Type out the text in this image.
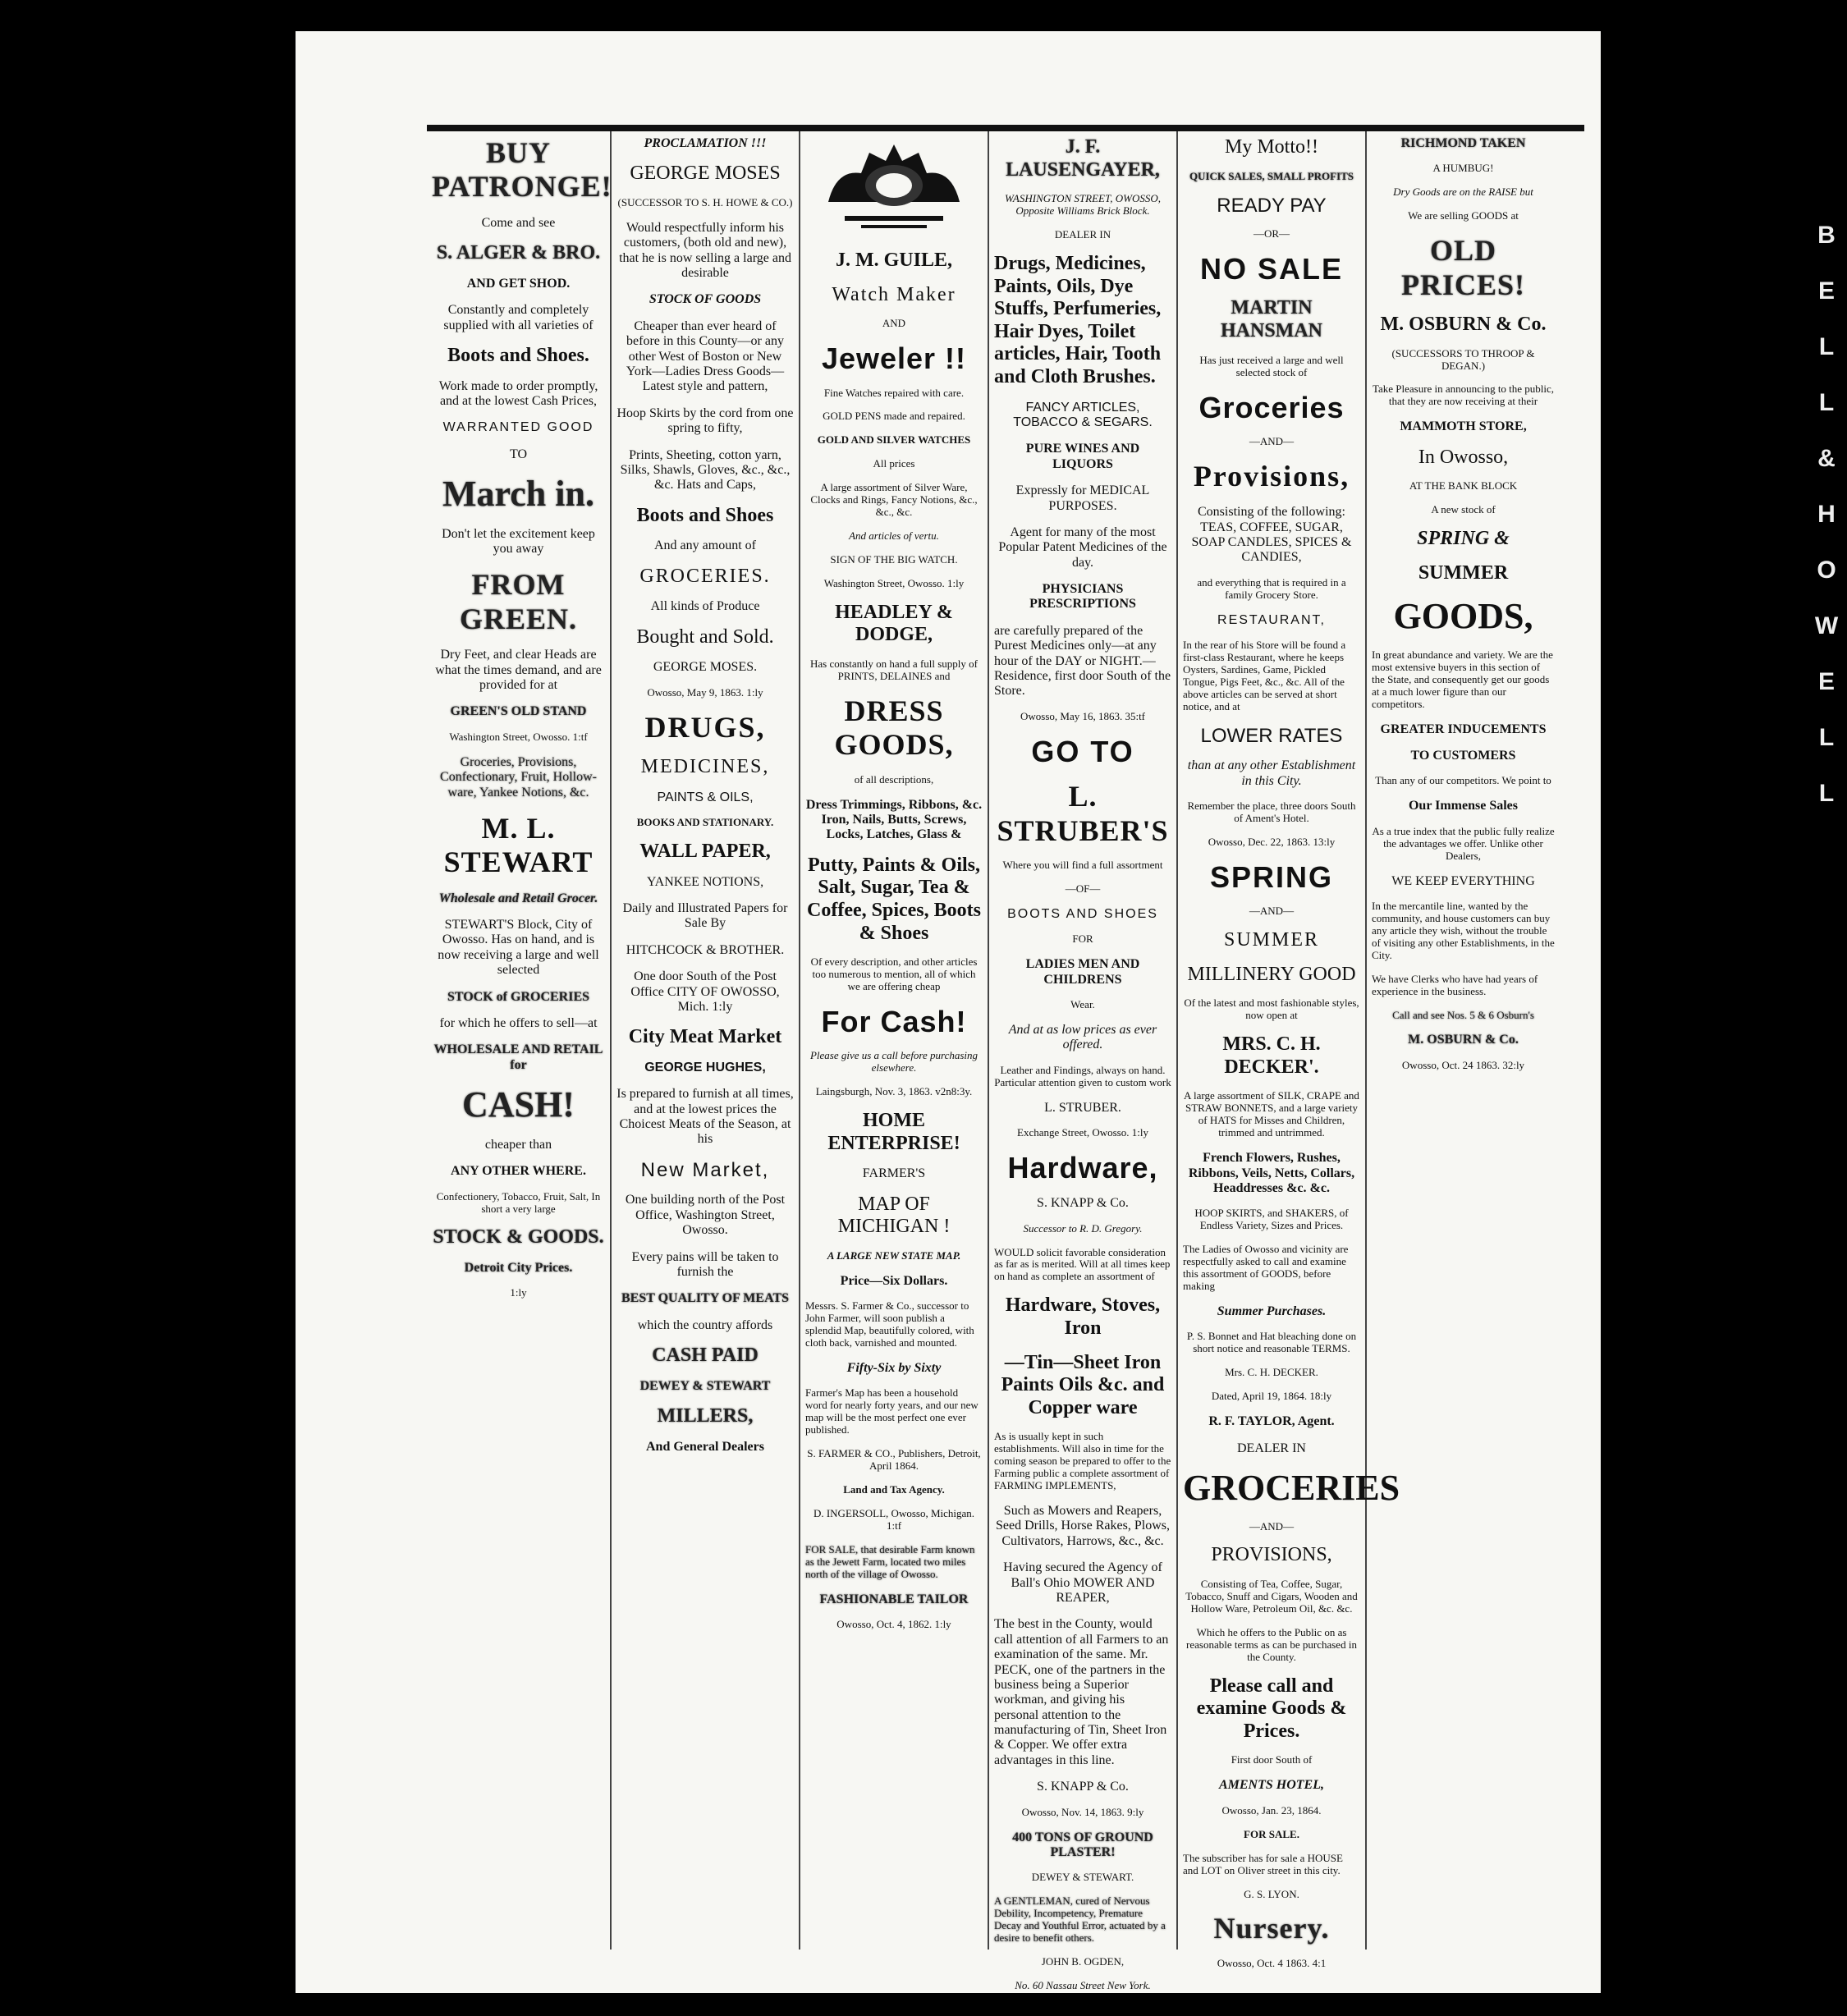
B
E
L
L
&
H
O
W
E
L
L
BUY PATRONGE!
Come and see
S. ALGER & BRO.
AND GET SHOD.
Constantly and completely supplied with all varieties of
Boots and Shoes.
Work made to order promptly, and at the lowest Cash Prices,
WARRANTED GOOD
TO
March in.
Don't let the excitement keep you away
FROM GREEN.
Dry Feet, and clear Heads are what the times demand, and are provided for at
GREEN'S OLD STAND
Washington Street, Owosso. 1:tf
Groceries, Provisions, Confectionary, Fruit, Hollow-ware, Yankee Notions, &c.
M. L. STEWART
Wholesale and Retail Grocer.
STEWART'S Block, City of Owosso. Has on hand, and is now receiving a large and well selected
STOCK of GROCERIES
for which he offers to sell—at
WHOLESALE AND RETAIL for
CASH!
cheaper than
ANY OTHER WHERE.
Confectionery, Tobacco, Fruit, Salt, In short a very large
STOCK & GOODS.
Detroit City Prices.
1:ly
PROCLAMATION !!!
GEORGE MOSES
(SUCCESSOR TO S. H. HOWE & CO.)
Would respectfully inform his customers, (both old and new), that he is now selling a large and desirable
STOCK OF GOODS
Cheaper than ever heard of before in this County—or any other West of Boston or New York—Ladies Dress Goods—Latest style and pattern,
Hoop Skirts by the cord from one spring to fifty,
Prints, Sheeting, cotton yarn, Silks, Shawls, Gloves, &c., &c., &c. Hats and Caps,
Boots and Shoes
And any amount of
GROCERIES.
All kinds of Produce
Bought and Sold.
GEORGE MOSES.
Owosso, May 9, 1863. 1:ly
DRUGS,
MEDICINES,
PAINTS & OILS,
BOOKS AND STATIONARY.
WALL PAPER,
YANKEE NOTIONS,
Daily and Illustrated Papers for Sale By
HITCHCOCK & BROTHER.
One door South of the Post Office CITY OF OWOSSO, Mich. 1:ly
City Meat Market
GEORGE HUGHES,
Is prepared to furnish at all times, and at the lowest prices the Choicest Meats of the Season, at his
New Market,
One building north of the Post Office, Washington Street, Owosso.
Every pains will be taken to furnish the
BEST QUALITY OF MEATS
which the country affords
CASH PAID
DEWEY & STEWART
MILLERS,
And General Dealers
J. M. GUILE,
Watch Maker
AND
Jeweler !!
Fine Watches repaired with care.
GOLD PENS made and repaired.
GOLD AND SILVER WATCHES
All prices
A large assortment of Silver Ware, Clocks and Rings, Fancy Notions, &c., &c., &c.
And articles of vertu.
SIGN OF THE BIG WATCH.
Washington Street, Owosso. 1:ly
HEADLEY & DODGE,
Has constantly on hand a full supply of PRINTS, DELAINES and
DRESS GOODS,
of all descriptions,
Dress Trimmings, Ribbons, &c. Iron, Nails, Butts, Screws, Locks, Latches, Glass &
Putty, Paints & Oils, Salt, Sugar, Tea & Coffee, Spices, Boots & Shoes
Of every description, and other articles too numerous to mention, all of which we are offering cheap
For Cash!
Please give us a call before purchasing elsewhere.
Laingsburgh, Nov. 3, 1863. v2n8:3y.
HOME ENTERPRISE!
FARMER'S
MAP OF MICHIGAN !
A LARGE NEW STATE MAP.
Price—Six Dollars.
Messrs. S. Farmer & Co., successor to John Farmer, will soon publish a splendid Map, beautifully colored, with cloth back, varnished and mounted.
Fifty-Six by Sixty
Farmer's Map has been a household word for nearly forty years, and our new map will be the most perfect one ever published.
S. FARMER & CO., Publishers, Detroit, April 1864.
Land and Tax Agency.
D. INGERSOLL, Owosso, Michigan. 1:tf
FOR SALE, that desirable Farm known as the Jewett Farm, located two miles north of the village of Owosso.
FASHIONABLE TAILOR
Owosso, Oct. 4, 1862. 1:ly
J. F. LAUSENGAYER,
WASHINGTON STREET, OWOSSO, Opposite Williams Brick Block.
DEALER IN
Drugs, Medicines, Paints, Oils, Dye Stuffs, Perfumeries, Hair Dyes, Toilet articles, Hair, Tooth and Cloth Brushes.
FANCY ARTICLES, TOBACCO & SEGARS.
PURE WINES AND LIQUORS
Expressly for MEDICAL PURPOSES.
Agent for many of the most Popular Patent Medicines of the day.
PHYSICIANS PRESCRIPTIONS
are carefully prepared of the Purest Medicines only—at any hour of the DAY or NIGHT.—Residence, first door South of the Store.
Owosso, May 16, 1863. 35:tf
GO TO
L. STRUBER'S
Where you will find a full assortment
—OF—
BOOTS AND SHOES
FOR
LADIES MEN AND CHILDRENS
Wear.
And at as low prices as ever offered.
Leather and Findings, always on hand. Particular attention given to custom work
L. STRUBER.
Exchange Street, Owosso. 1:ly
Hardware,
S. KNAPP & Co.
Successor to R. D. Gregory.
WOULD solicit favorable consideration as far as is merited. Will at all times keep on hand as complete an assortment of
Hardware, Stoves, Iron
—Tin—Sheet Iron Paints Oils &c. and Copper ware
As is usually kept in such establishments. Will also in time for the coming season be prepared to offer to the Farming public a complete assortment of FARMING IMPLEMENTS,
Such as Mowers and Reapers, Seed Drills, Horse Rakes, Plows, Cultivators, Harrows, &c., &c.
Having secured the Agency of Ball's Ohio MOWER AND REAPER,
The best in the County, would call attention of all Farmers to an examination of the same. Mr. PECK, one of the partners in the business being a Superior workman, and giving his personal attention to the manufacturing of Tin, Sheet Iron & Copper. We offer extra advantages in this line.
S. KNAPP & Co.
Owosso, Nov. 14, 1863. 9:ly
400 TONS OF GROUND PLASTER!
DEWEY & STEWART.
A GENTLEMAN, cured of Nervous Debility, Incompetency, Premature Decay and Youthful Error, actuated by a desire to benefit others.
JOHN B. OGDEN,
No. 60 Nassau Street New York.
My Motto!!
QUICK SALES, SMALL PROFITS
READY PAY
—OR—
NO SALE
MARTIN HANSMAN
Has just received a large and well selected stock of
Groceries
—AND—
Provisions,
Consisting of the following: TEAS, COFFEE, SUGAR, SOAP CANDLES, SPICES & CANDIES,
and everything that is required in a family Grocery Store.
RESTAURANT,
In the rear of his Store will be found a first-class Restaurant, where he keeps Oysters, Sardines, Game, Pickled Tongue, Pigs Feet, &c., &c. All of the above articles can be served at short notice, and at
LOWER RATES
than at any other Establishment in this City.
Remember the place, three doors South of Ament's Hotel.
Owosso, Dec. 22, 1863. 13:ly
SPRING
—AND—
SUMMER
MILLINERY GOOD
Of the latest and most fashionable styles, now open at
MRS. C. H. DECKER'.
A large assortment of SILK, CRAPE and STRAW BONNETS, and a large variety of HATS for Misses and Children, trimmed and untrimmed.
French Flowers, Rushes, Ribbons, Veils, Netts, Collars, Headdresses &c. &c.
HOOP SKIRTS, and SHAKERS, of Endless Variety, Sizes and Prices.
The Ladies of Owosso and vicinity are respectfully asked to call and examine this assortment of GOODS, before making
Summer Purchases.
P. S. Bonnet and Hat bleaching done on short notice and reasonable TERMS.
Mrs. C. H. DECKER.
Dated, April 19, 1864. 18:ly
R. F. TAYLOR, Agent.
DEALER IN
GROCERIES
—AND—
PROVISIONS,
Consisting of Tea, Coffee, Sugar, Tobacco, Snuff and Cigars, Wooden and Hollow Ware, Petroleum Oil, &c. &c.
Which he offers to the Public on as reasonable terms as can be purchased in the County.
Please call and examine Goods & Prices.
First door South of
AMENTS HOTEL,
Owosso, Jan. 23, 1864.
FOR SALE.
The subscriber has for sale a HOUSE and LOT on Oliver street in this city.
G. S. LYON.
Nursery.
Owosso, Oct. 4 1863. 4:1
RICHMOND TAKEN
A HUMBUG!
Dry Goods are on the RAISE but
We are selling GOODS at
OLD PRICES!
M. OSBURN & Co.
(SUCCESSORS TO THROOP & DEGAN.)
Take Pleasure in announcing to the public, that they are now receiving at their
MAMMOTH STORE,
In Owosso,
AT THE BANK BLOCK
A new stock of
SPRING &
SUMMER
GOODS,
In great abundance and variety. We are the most extensive buyers in this section of the State, and consequently get our goods at a much lower figure than our competitors.
GREATER INDUCEMENTS
TO CUSTOMERS
Than any of our competitors. We point to
Our Immense Sales
As a true index that the public fully realize the advantages we offer. Unlike other Dealers,
WE KEEP EVERYTHING
In the mercantile line, wanted by the community, and house customers can buy any article they wish, without the trouble of visiting any other Establishments, in the City.
We have Clerks who have had years of experience in the business.
Call and see Nos. 5 & 6 Osburn's
M. OSBURN & Co.
Owosso, Oct. 24 1863. 32:ly
